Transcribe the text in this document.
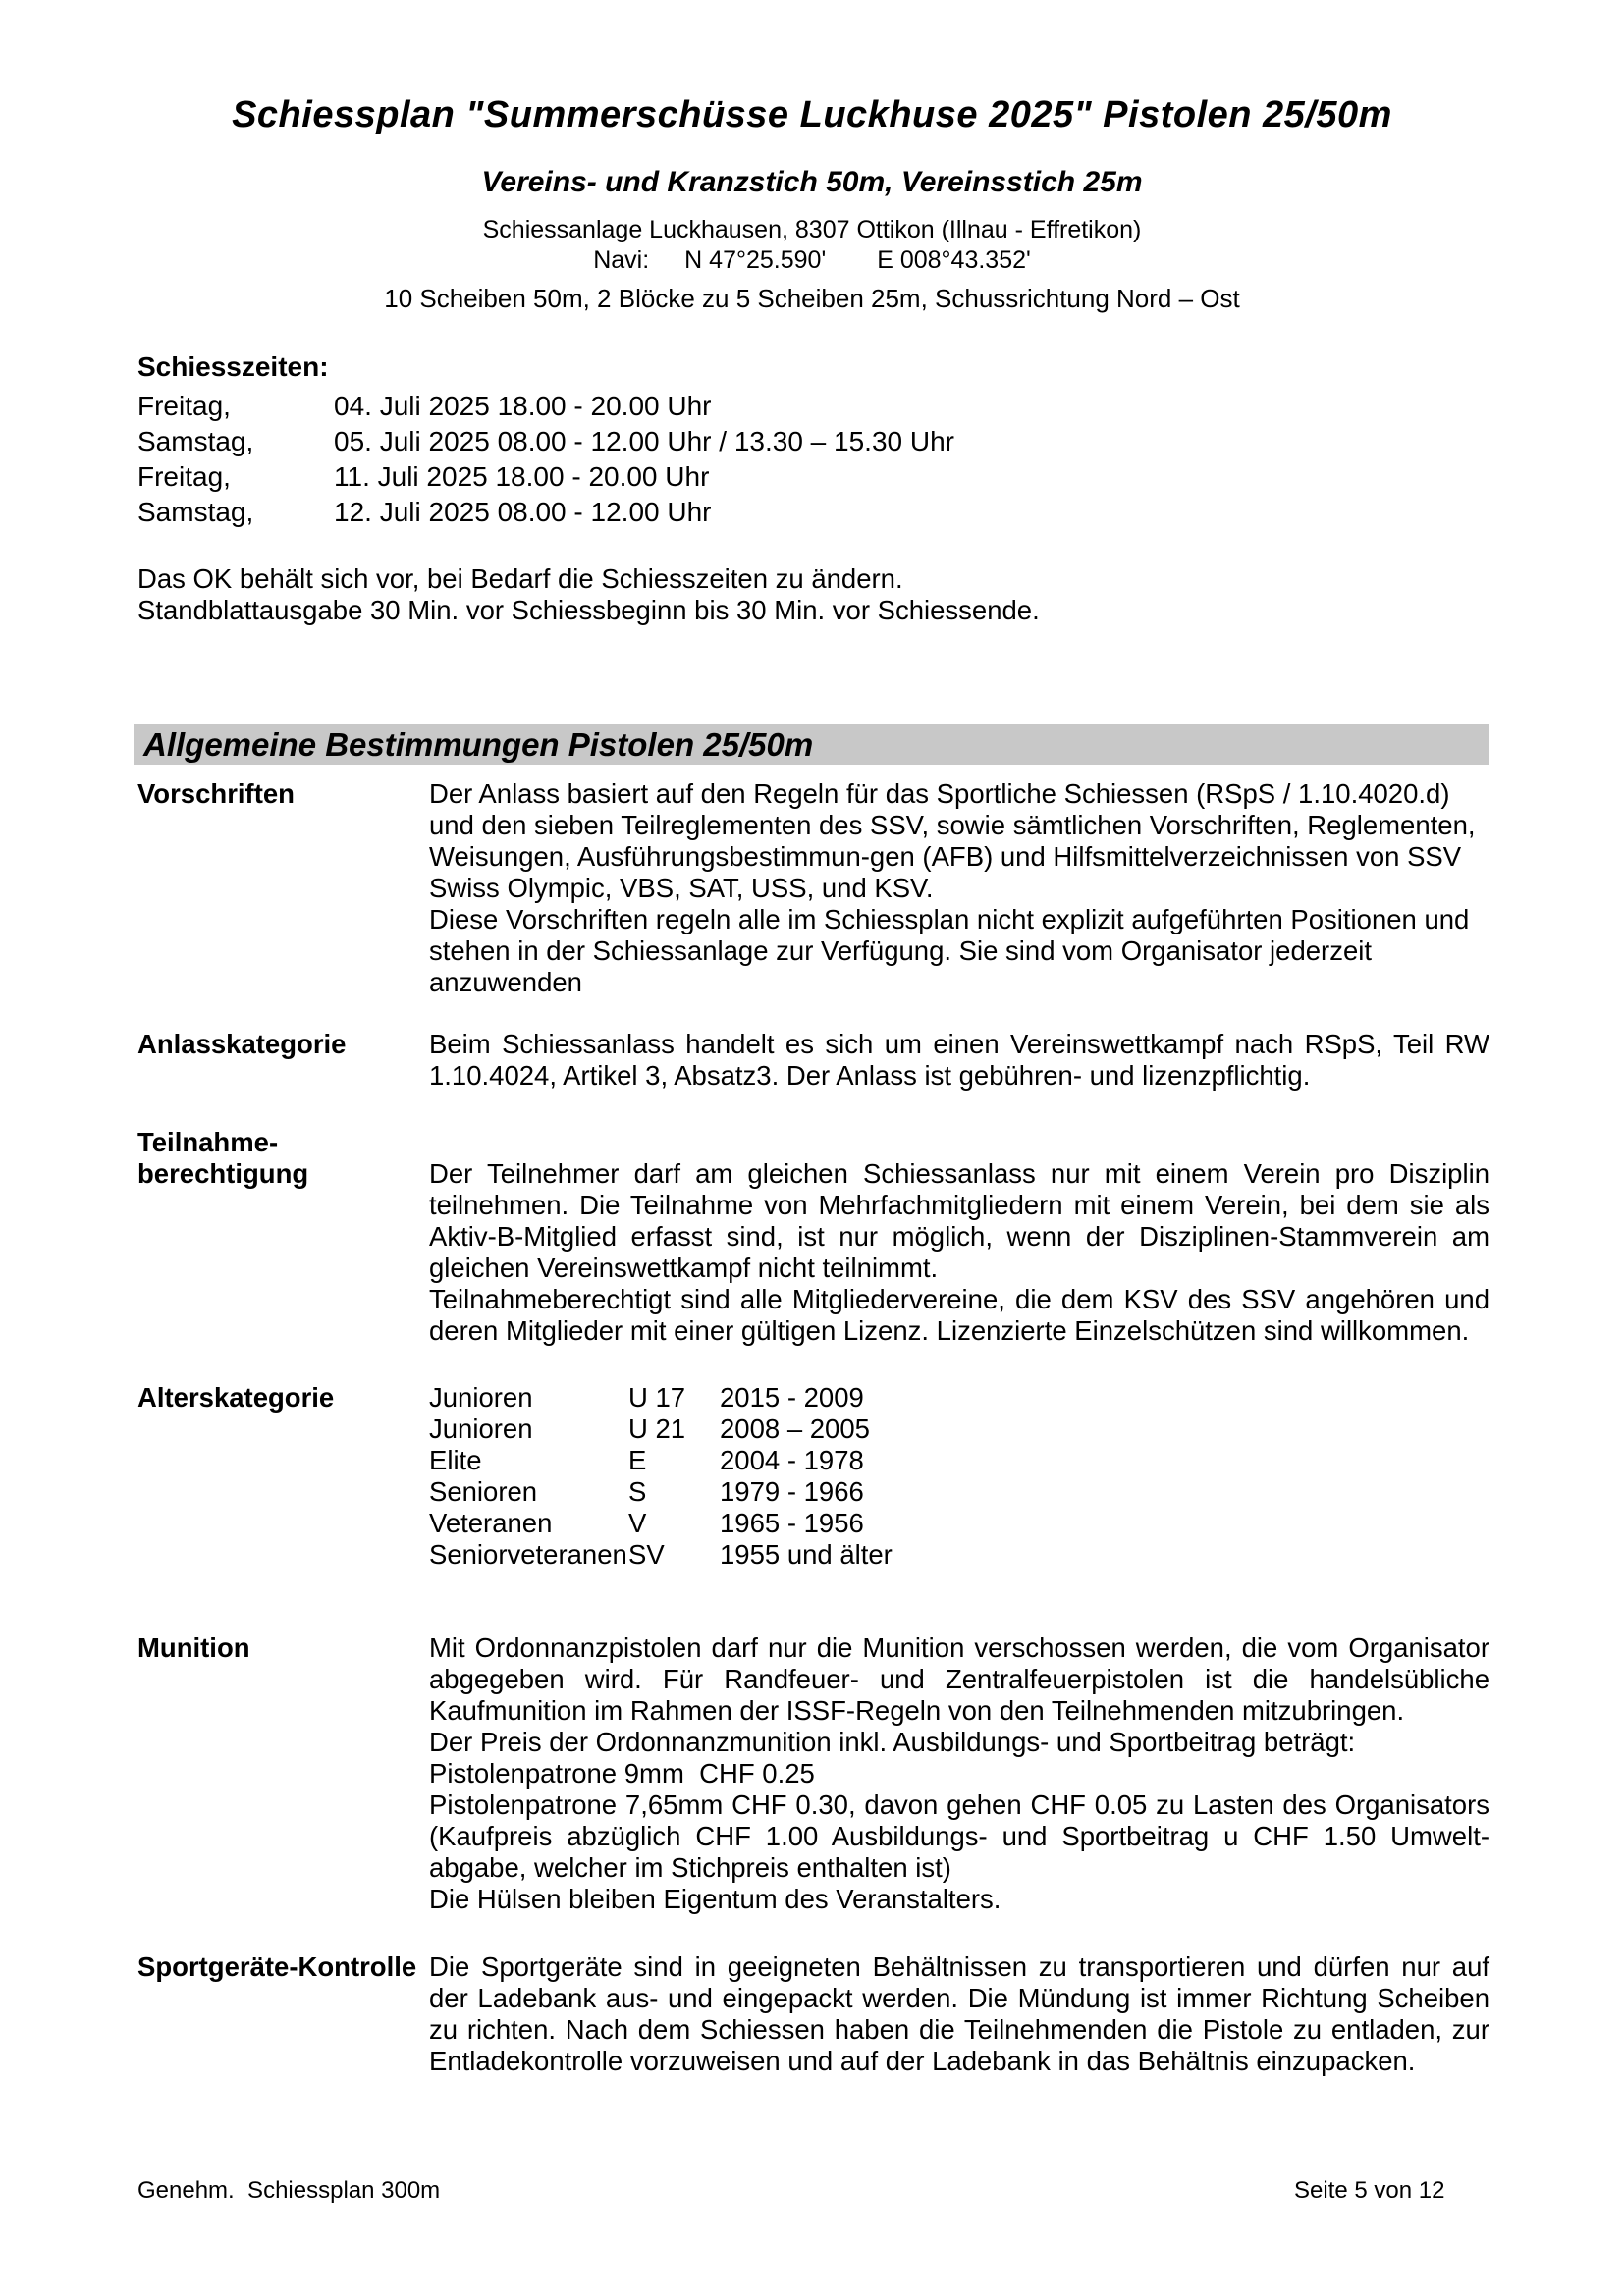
Schiessplan "Summerschüsse Luckhuse 2025" Pistolen 25/50m
Vereins- und Kranzstich 50m, Vereinsstich 25m
Schiessanlage Luckhausen, 8307 Ottikon (Illnau - Effretikon)
Navi: N 47°25.590' E 008°43.352'
10 Scheiben 50m, 2 Blöcke zu 5 Scheiben 25m, Schussrichtung Nord – Ost
Schiesszeiten:
Freitag,	04. Juli 2025 18.00 - 20.00 Uhr
Samstag,	05. Juli 2025 08.00 - 12.00 Uhr / 13.30 – 15.30 Uhr
Freitag,	11. Juli 2025 18.00 - 20.00 Uhr
Samstag,	12. Juli 2025 08.00 - 12.00 Uhr
Das OK behält sich vor, bei Bedarf die Schiesszeiten zu ändern.
Standblattausgabe 30 Min. vor Schiessbeginn bis 30 Min. vor Schiessende.
Allgemeine Bestimmungen Pistolen 25/50m
Vorschriften	Der Anlass basiert auf den Regeln für das Sportliche Schiessen (RSpS / 1.10.4020.d) und den sieben Teilreglementen des SSV, sowie sämtlichen Vorschriften, Reglementen, Weisungen, Ausführungsbestimmun-gen (AFB) und Hilfsmittelverzeichnissen von SSV Swiss Olympic, VBS, SAT, USS, und KSV.

Diese Vorschriften regeln alle im Schiessplan nicht explizit aufgeführten Positionen und stehen in der Schiessanlage zur Verfügung. Sie sind vom Organisator jederzeit anzuwenden

Anlasskategorie	Beim Schiessanlass handelt es sich um einen Vereinswettkampf nach RSpS, Teil RW 1.10.4024, Artikel 3, Absatz3. Der Anlass ist gebühren- und lizenzpflichtig.

Teilnahme-
berechtigung	Der Teilnehmer darf am gleichen Schiessanlass nur mit einem Verein pro Disziplin teilnehmen. Die Teilnahme von Mehrfachmitgliedern mit einem Verein, bei dem sie als Aktiv-B-Mitglied erfasst sind, ist nur möglich, wenn der Disziplinen-Stammverein am gleichen Vereinswettkampf nicht teilnimmt.

Teilnahmeberechtigt sind alle Mitgliedervereine, die dem KSV des SSV angehören und deren Mitglieder mit einer gültigen Lizenz. Lizenzierte Einzelschützen sind willkommen.

Alterskategorie	Junioren	U 17	2015 - 2009
Junioren	U 21	2008 – 2005
Elite	E	2004 - 1978
Senioren	S	1979 - 1966
Veteranen	V	1965 - 1956
Seniorveteranen SV	1955 und älter
Munition	Mit Ordonnanzpistolen darf nur die Munition verschossen werden, die vom Organisator abgegeben wird. Für Randfeuer- und Zentralfeuerpistolen ist die handelsübliche Kaufmunition im Rahmen der ISSF-Regeln von den Teilnehmenden mitzubringen.

Der Preis der Ordonnanzmunition inkl. Ausbildungs- und Sportbeitrag beträgt:

Pistolenpatrone 9mm  CHF 0.25

Pistolenpatrone 7,65mm CHF 0.30, davon gehen CHF 0.05 zu Lasten des Organisators (Kaufpreis abzüglich CHF 1.00 Ausbildungs- und Sportbeitrag u CHF 1.50 Umwelt-abgabe, welcher im Stichpreis enthalten ist)

Die Hülsen bleiben Eigentum des Veranstalters.

Sportgeräte-Kontrolle Die Sportgeräte sind in geeigneten Behältnissen zu transportieren und dürfen nur auf der Ladebank aus- und eingepackt werden. Die Mündung ist immer Richtung Scheiben zu richten. Nach dem Schiessen haben die Teilnehmenden die Pistole zu entladen, zur Entladekontrolle vorzuweisen und auf der Ladebank in das Behältnis einzupacken.

Genehm.  Schiessplan 300m	Seite 5 von 12
